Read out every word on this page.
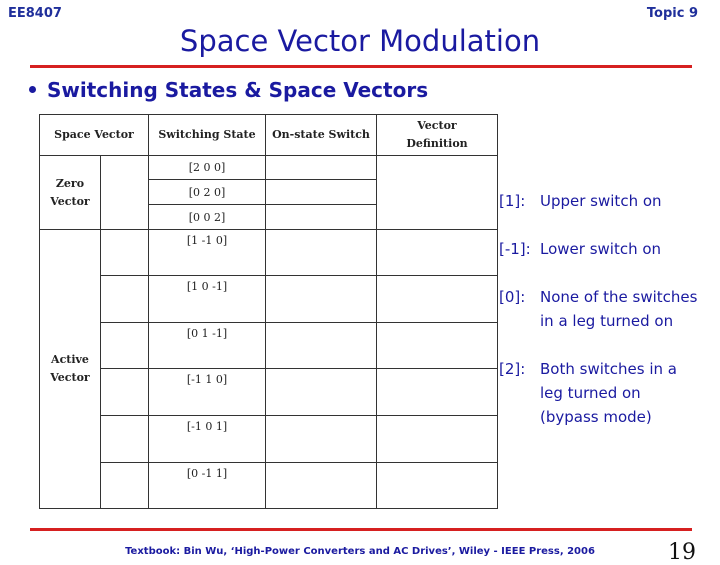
EE8407	Topic 9
Space Vector Modulation
Switching States & Space Vectors
Space Vector		Switching State	On-state Switch	Vector
Definition

Zero
Vector		[2 0 0]		
		[0 2 0]		
		[0 0 2]		

Active
Vector		[1 -1 0]		
		[1 0 -1]		
		[0 1 -1]		
		[-1 1 0]		
		[-1 0 1]		
		[0 -1 1]		
[1]: Upper switch on
[-1]: Lower switch on
[0]: None of the switches
in a leg turned on
[2]: Both switches in a
leg turned on
(bypass mode)
Textbook: Bin Wu, ‘High-Power Converters and AC Drives’, Wiley - IEEE Press, 2006	19
